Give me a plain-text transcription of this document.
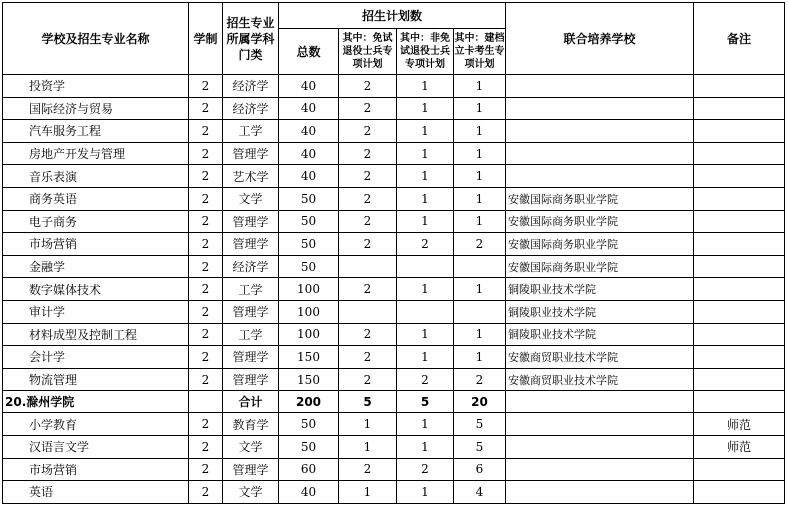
学校及招生专业名称	学制	招生专业所属学科门类	招生计划数				联合培养学校	备注
			总数	其中：免试退役士兵专项计划	其中：非免试退役士兵专项计划	其中：建档立卡考生专项计划		
投资学	2	经济学	40	2	1	1		
国际经济与贸易	2	经济学	40	2	1	1		
汽车服务工程	2	工学	40	2	1	1		
房地产开发与管理	2	管理学	40	2	1	1		
音乐表演	2	艺术学	40	2	1	1		
商务英语	2	文学	50	2	1	1	安徽国际商务职业学院	
电子商务	2	管理学	50	2	1	1	安徽国际商务职业学院	
市场营销	2	管理学	50	2	2	2	安徽国际商务职业学院	
金融学	2	经济学	50				安徽国际商务职业学院	
数字媒体技术	2	工学	100	2	1	1	铜陵职业技术学院	
审计学	2	管理学	100				铜陵职业技术学院	
材料成型及控制工程	2	工学	100	2	1	1	铜陵职业技术学院	
会计学	2	管理学	150	2	1	1	安徽商贸职业技术学院	
物流管理	2	管理学	150	2	2	2	安徽商贸职业技术学院	
20.滁州学院		合计	200	5	5	20		
小学教育	2	教育学	50	1	1	5		师范
汉语言文学	2	文学	50	1	1	5		师范
市场营销	2	管理学	60	2	2	6		
英语	2	文学	40	1	1	4		
